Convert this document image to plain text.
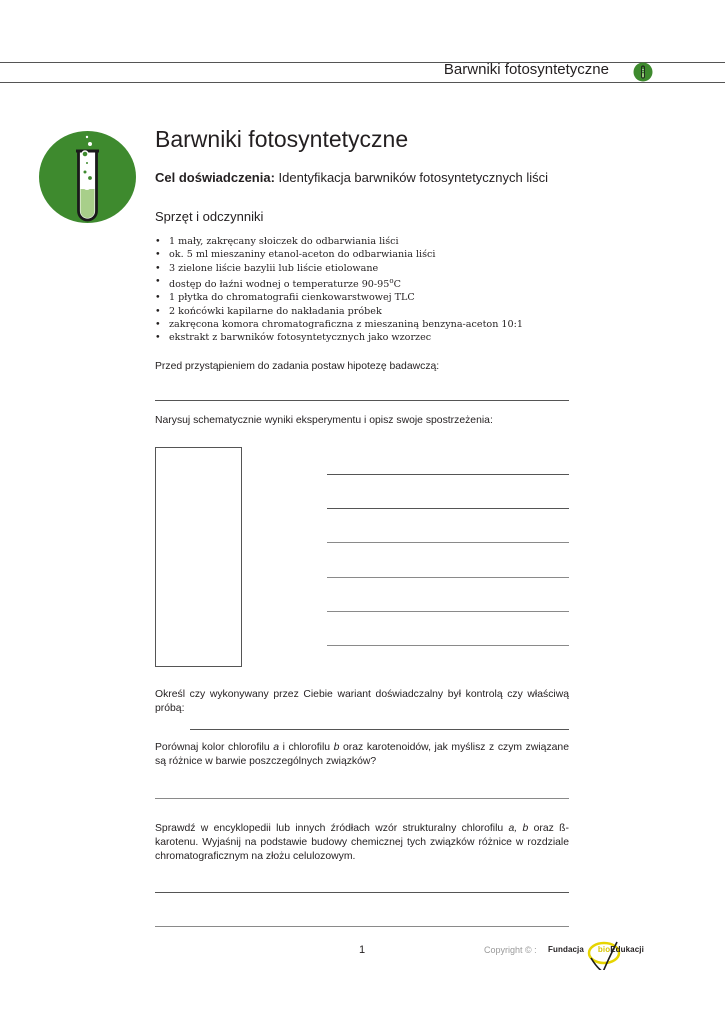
Barwniki fotosyntetyczne
Barwniki fotosyntetyczne
Cel doświadczenia: Identyfikacja barwników fotosyntetycznych liści
Sprzęt i odczynniki
• 1 mały, zakręcany słoiczek do odbarwiania liści
• ok. 5 ml mieszaniny etanol-aceton do odbarwiania liści
• 3 zielone liście bazylii lub liście etiolowane
• dostęp do łaźni wodnej o temperaturze 90-95$^o$C
• 1 płytka do chromatografii cienkowarstwowej TLC
• 2 końcówki kapilarne do nakładania próbek
• zakręcona komora chromatograficzna z mieszaniną benzyna-aceton 10:1
• ekstrakt z barwników fotosyntetycznych jako wzorzec
Przed przystąpieniem do zadania postaw hipotezę badawczą:
Narysuj schematycznie wyniki eksperymentu i opisz swoje spostrzeżenia:
Określ czy wykonywany przez Ciebie wariant doświadczalny był kontrolą czy właściwą próbą:
Porównaj kolor chlorofilu a i chlorofilu b oraz karotenoidów, jak myślisz z czym związane są różnice w barwie poszczególnych związków?
Sprawdź w encyklopedii lub innych źródłach wzór strukturalny chlorofilu a, b oraz ß-karotenu. Wyjaśnij na podstawie budowy chemicznej tych związków różnice w rozdziale chromatograficznym na złożu celulozowym.
1	Copyright © : Fundacja bioEdukacji
